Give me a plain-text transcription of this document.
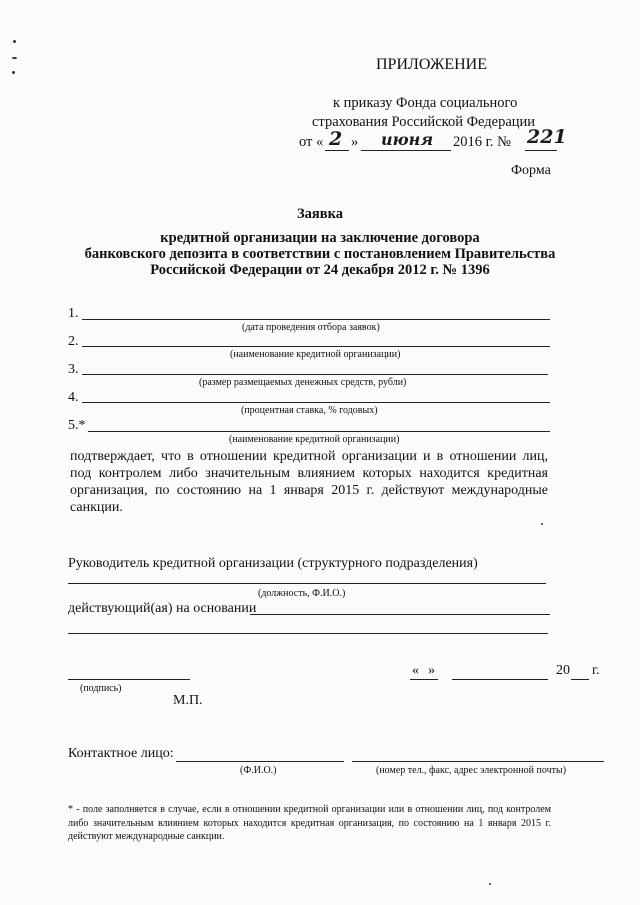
ПРИЛОЖЕНИЕ
к приказу Фонда социального
страхования Российской Федерации
от « 2 » июня 2016 г. № 221
Форма
Заявка
кредитной организации на заключение договора
банковского депозита в соответствии с постановлением Правительства
Российской Федерации от 24 декабря 2012 г. № 1396
1.
(дата проведения отбора заявок)
2.
(наименование кредитной организации)
3.
(размер размещаемых денежных средств, рубли)
4.
(процентная ставка, % годовых)
5.*
(наименование кредитной организации)
подтверждает, что в отношении кредитной организации и в отношении лиц, под контролем либо значительным влиянием которых находится кредитная организация, по состоянию на 1 января 2015 г. действуют международные санкции.
Руководитель кредитной организации (структурного подразделения)
(должность, Ф.И.О.)
действующий(ая) на основании
(подпись)
« »	20 г.
М.П.
Контактное лицо:
(Ф.И.О.)	(номер тел., факс, адрес электронной почты)
* - поле заполняется в случае, если в отношении кредитной организации или в отношении лиц, под контролем либо значительным влиянием которых находится кредитная организация, по состоянию на 1 января 2015 г. действуют международные санкции.
